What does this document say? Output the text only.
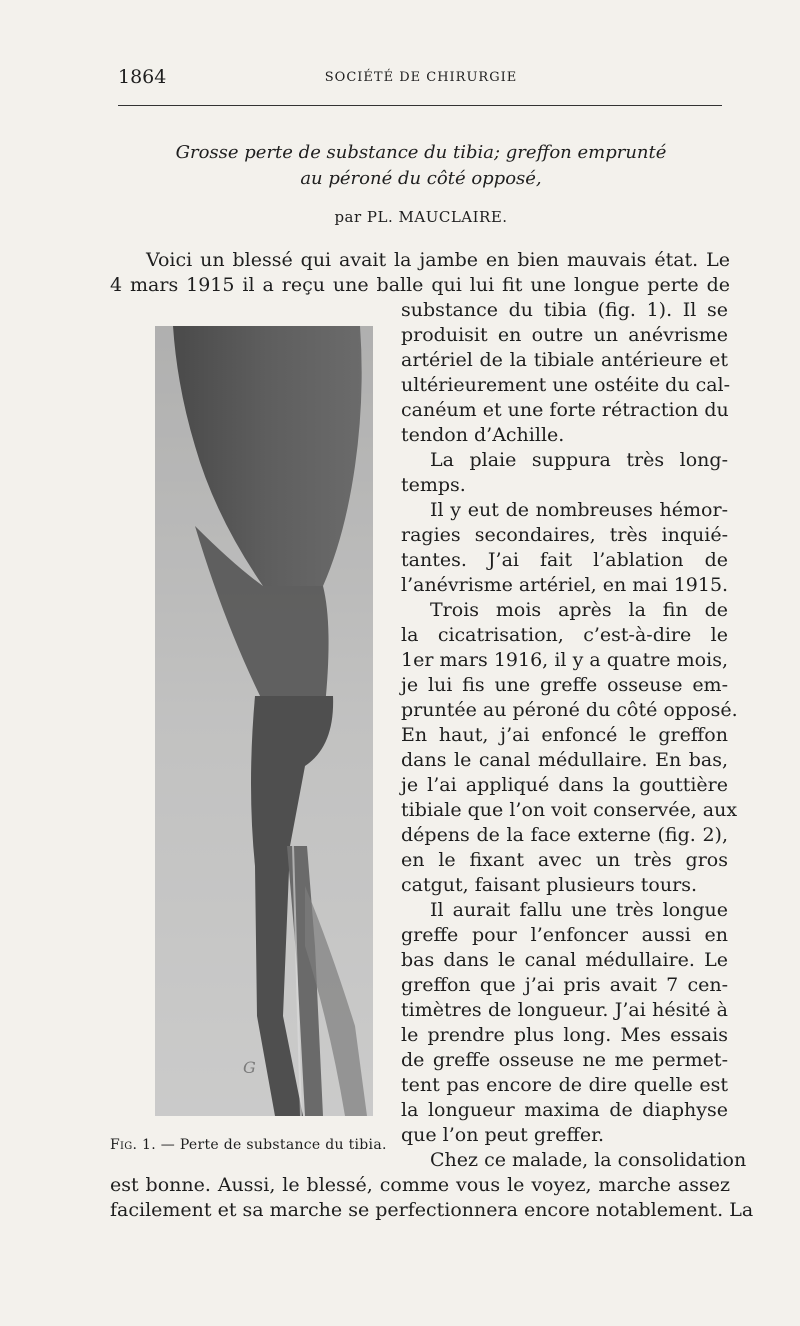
1864	SOCIÉTÉ DE CHIRURGIE
Grosse perte de substance du tibia; greffon emprunté
au péroné du côté opposé,
par PL. MAUCLAIRE.
Voici un blessé qui avait la jambe en bien mauvais état. Le
4 mars 1915 il a reçu une balle qui lui fit une longue perte de
substance du tibia (fig. 1). Il se
produisit en outre un anévrisme
artériel de la tibiale antérieure et
ultérieurement une ostéite du cal-
canéum et une forte rétraction du
tendon d’Achille.
La plaie suppura très long-
temps.
Il y eut de nombreuses hémor-
ragies secondaires, très inquié-
tantes. J’ai fait l’ablation de
l’anévrisme artériel, en mai 1915.
Trois mois après la fin de
la cicatrisation, c’est-à-dire le
1er mars 1916, il y a quatre mois,
je lui fis une greffe osseuse em-
pruntée au péroné du côté opposé.
En haut, j’ai enfoncé le greffon
dans le canal médullaire. En bas,
je l’ai appliqué dans la gouttière
tibiale que l’on voit conservée, aux
dépens de la face externe (fig. 2),
en le fixant avec un très gros
catgut, faisant plusieurs tours.
Il aurait fallu une très longue
greffe pour l’enfoncer aussi en
bas dans le canal médullaire. Le
greffon que j’ai pris avait 7 cen-
timètres de longueur. J’ai hésité à
le prendre plus long. Mes essais
de greffe osseuse ne me permet-
tent pas encore de dire quelle est
la longueur maxima de diaphyse
que l’on peut greffer.
Chez ce malade, la consolidation
est bonne. Aussi, le blessé, comme vous le voyez, marche assez
facilement et sa marche se perfectionnera encore notablement. La
G
Fig. 1. — Perte de substance du tibia.
